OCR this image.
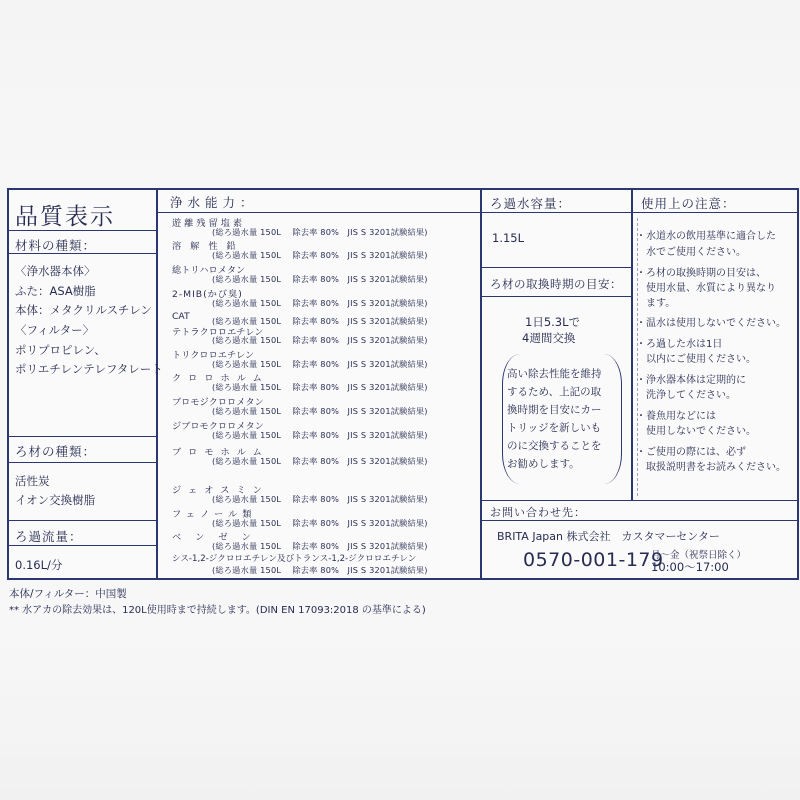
品質表示
材料の種類：
〈浄水器本体〉
ふた：ASA樹脂
本体：メタクリルスチレン
〈フィルター〉
ポリプロピレン、
ポリエチレンテレフタレート
ろ材の種類：
活性炭
イオン交換樹脂
ろ過流量：
0.16L/分
浄水能力：
遊離残留塩素
(総ろ過水量 150L　 除去率 80%　JIS S 3201試験結果)
溶解性鉛
(総ろ過水量 150L　 除去率 80%　JIS S 3201試験結果)
総トリハロメタン
(総ろ過水量 150L　 除去率 80%　JIS S 3201試験結果)
2-MIB(かび臭)
(総ろ過水量 150L　 除去率 80%　JIS S 3201試験結果)
CAT	(総ろ過水量 150L　 除去率 80%　JIS S 3201試験結果)
テトラクロロエチレン
(総ろ過水量 150L　 除去率 80%　JIS S 3201試験結果)
トリクロロエチレン
(総ろ過水量 150L　 除去率 80%　JIS S 3201試験結果)
クロロホルム
(総ろ過水量 150L　 除去率 80%　JIS S 3201試験結果)
ブロモジクロロメタン
(総ろ過水量 150L　 除去率 80%　JIS S 3201試験結果)
ジブロモクロロメタン
(総ろ過水量 150L　 除去率 80%　JIS S 3201試験結果)
ブロモホルム
(総ろ過水量 150L　 除去率 80%　JIS S 3201試験結果)
ジェオスミン
(総ろ過水量 150L　 除去率 80%　JIS S 3201試験結果)
フェノール類
(総ろ過水量 150L　 除去率 80%　JIS S 3201試験結果)
ベンゼン
(総ろ過水量 150L　 除去率 80%　JIS S 3201試験結果)
シス-1,2-ジクロロエチレン及びトランス-1,2-ジクロロエチレン
(総ろ過水量 150L　 除去率 80%　JIS S 3201試験結果)
ろ過水容量：
1.15L
ろ材の取換時期の目安：
1日5.3Lで
4週間交換
高い除去性能を維持
するため、上記の取
換時期を目安にカー
トリッジを新しいも
のに交換することを
お勧めします。
使用上の注意：
・水道水の飲用基準に適合した
　水でご使用ください。
・ろ材の取換時期の目安は、
　使用水量、水質により異なり
　ます。
・温水は使用しないでください。
・ろ過した水は1日
　以内にご使用ください。
・浄水器本体は定期的に
　洗浄してください。
・養魚用などには
　使用しないでください。
・ご使用の際には、必ず
　取扱説明書をお読みください。
お問い合わせ先：
BRITA Japan 株式会社　カスタマーセンター
0570-001-179
月～金（祝祭日除く）
10:00～17:00
本体/フィルター：中国製
** 水アカの除去効果は、120L使用時まで持続します。(DIN EN 17093:2018 の基準による)
